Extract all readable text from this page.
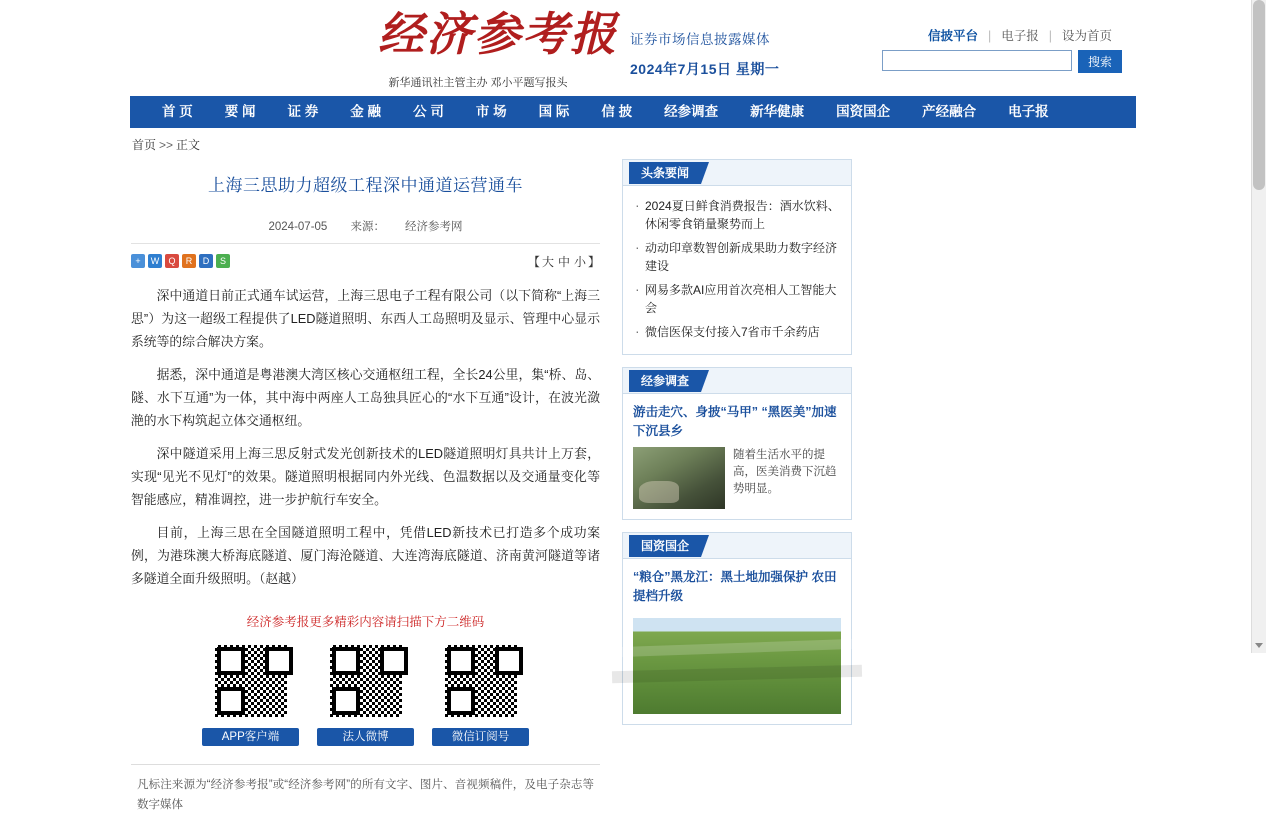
经济参考报
新华通讯社主管主办 邓小平题写报头
证券市场信息披露媒体
2024年7月15日 星期一
信披平台 | 电子报 | 设为首页
搜索
首 页	要 闻	证 券	金 融	公 司	市 场	国 际	信 披	经参调查	新华健康	国资国企	产经融合	电子报
首页 >> 正文
上海三思助力超级工程深中通道运营通车
2024-07-05 来源： 经济参考网
+	W	Q	R	D	S	【 大 中 小 】

深中通道日前正式通车试运营，上海三思电子工程有限公司（以下简称“上海三思”）为这一超级工程提供了LED隧道照明、东西人工岛照明及显示、管理中心显示系统等的综合解决方案。

据悉，深中通道是粤港澳大湾区核心交通枢纽工程，全长24公里，集“桥、岛、隧、水下互通”为一体，其中海中两座人工岛独具匠心的“水下互通”设计，在波光潋滟的水下构筑起立体交通枢纽。

深中隧道采用上海三思反射式发光创新技术的LED隧道照明灯具共计上万套，实现“见光不见灯”的效果。隧道照明根据同内外光线、色温数据以及交通量变化等智能感应，精准调控，进一步护航行车安全。

目前，上海三思在全国隧道照明工程中，凭借LED新技术已打造多个成功案例，为港珠澳大桥海底隧道、厦门海沧隧道、大连湾海底隧道、济南黄河隧道等诸多隧道全面升级照明。（赵越）

经济参考报更多精彩内容请扫描下方二维码
APP客户端	法人微博	微信订阅号
凡标注来源为“经济参考报”或“经济参考网”的所有文字、图片、音视频稿件，及电子杂志等数字媒体
头条要闻
· 2024夏日鲜食消费报告：酒水饮料、休闲零食销量聚势而上
· 动动印章数智创新成果助力数字经济建设
· 网易多款AI应用首次亮相人工智能大会
· 微信医保支付接入7省市千余药店
经参调查
游击走穴、身披“马甲” “黑医美”加速下沉县乡
随着生活水平的提高，医美消费下沉趋势明显。
国资国企
“粮仓”黑龙江：黑土地加强保护 农田提档升级
